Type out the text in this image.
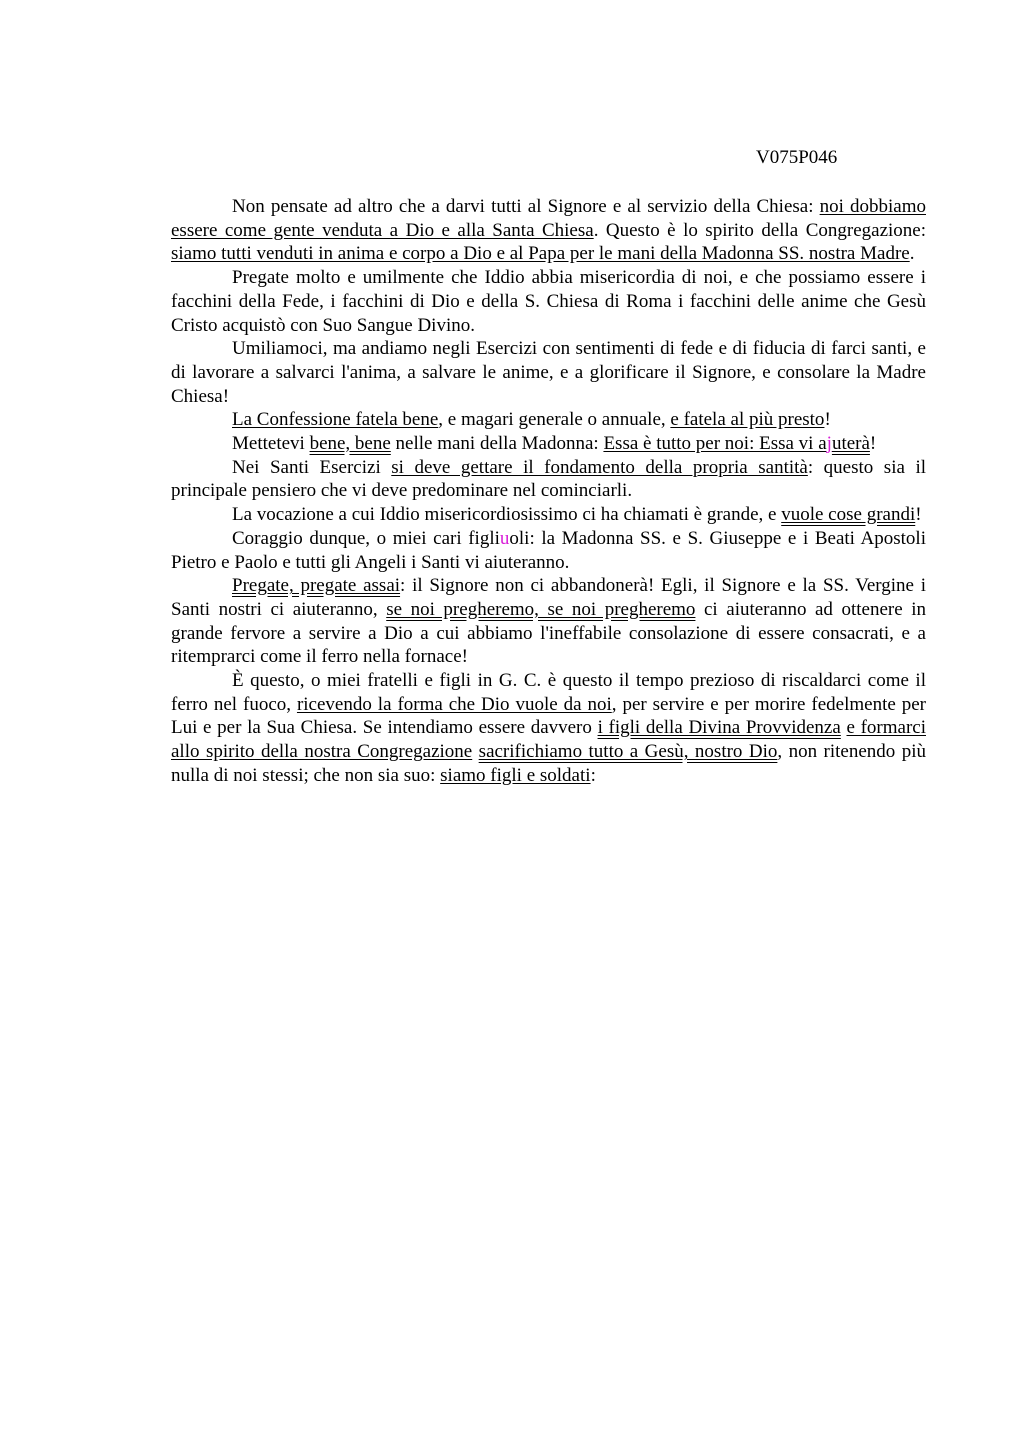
V075P046

Non pensate ad altro che a darvi tutti al Signore e al servizio della Chiesa: noi dobbiamo essere come gente venduta a Dio e alla Santa Chiesa. Questo è lo spirito della Congregazione: siamo tutti venduti in anima e corpo a Dio e al Papa per le mani della Madonna SS. nostra Madre.

Pregate molto e umilmente che Iddio abbia misericordia di noi, e che possiamo essere i facchini della Fede, i facchini di Dio e della S. Chiesa di Roma i facchini delle anime che Gesù Cristo acquistò con Suo Sangue Divino.

Umiliamoci, ma andiamo negli Esercizi con sentimenti di fede e di fiducia di farci santi, e di lavorare a salvarci l'anima, a salvare le anime, e a glorificare il Signore, e consolare la Madre Chiesa!

La Confessione fatela bene, e magari generale o annuale, e fatela al più presto!

Mettetevi bene, bene nelle mani della Madonna: Essa è tutto per noi: Essa vi ajuterà!

Nei Santi Esercizi si deve gettare il fondamento della propria santità: questo sia il principale pensiero che vi deve predominare nel cominciarli.

La vocazione a cui Iddio misericordiosissimo ci ha chiamati è grande, e vuole cose grandi!

Coraggio dunque, o miei cari figliuoli: la Madonna SS. e S. Giuseppe e i Beati Apostoli Pietro e Paolo e tutti gli Angeli i Santi vi aiuteranno.

Pregate, pregate assai: il Signore non ci abbandonerà! Egli, il Signore e la SS. Vergine i Santi nostri ci aiuteranno, se noi pregheremo, se noi pregheremo ci aiuteranno ad ottenere in grande fervore a servire a Dio a cui abbiamo l'ineffabile consolazione di essere consacrati, e a ritemprarci come il ferro nella fornace!

È questo, o miei fratelli e figli in G. C. è questo il tempo prezioso di riscaldarci come il ferro nel fuoco, ricevendo la forma che Dio vuole da noi, per servire e per morire fedelmente per Lui e per la Sua Chiesa. Se intendiamo essere davvero i figli della Divina Provvidenza e formarci allo spirito della nostra Congregazione sacrifichiamo tutto a Gesù, nostro Dio, non ritenendo più nulla di noi stessi; che non sia suo: siamo figli e soldati:
